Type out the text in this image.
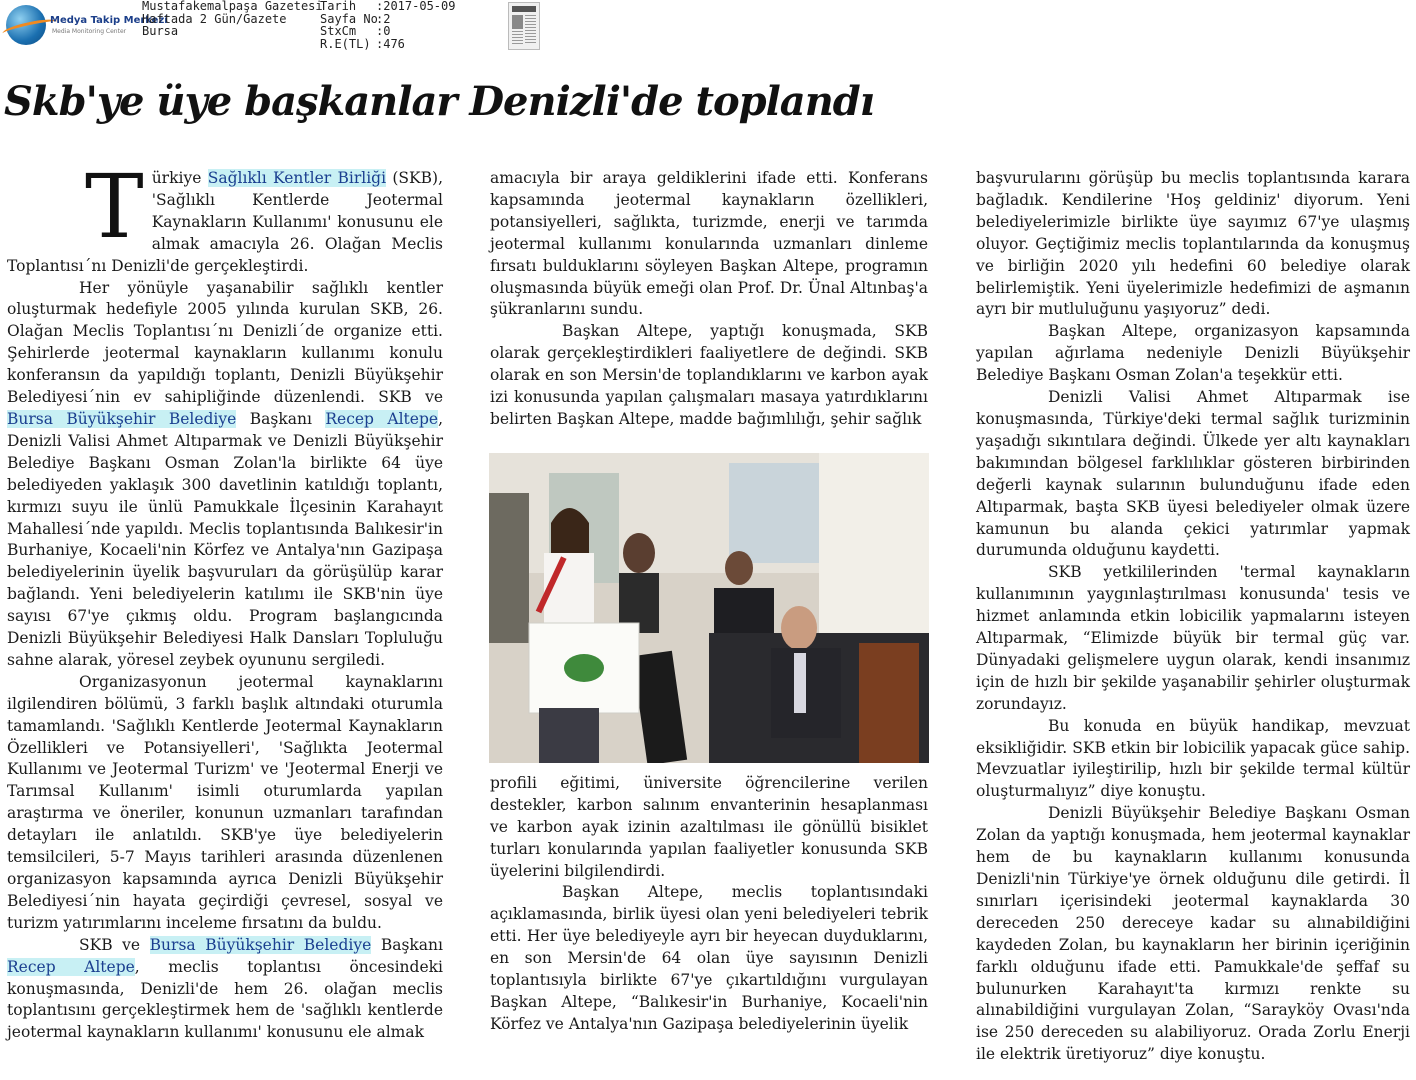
Medya Takip Merkezi
Media Monitoring Center
Mustafakemalpaşa Gazetesi
Haftada 2 Gün/Gazete
Bursa
Tarih :2017-05-09
Sayfa No:2
StxCm :0
R.E(TL) :476
Skb'ye üye başkanlar Denizli'de toplandı

Türkiye Sağlıklı Kentler Birliği (SKB), 'Sağlıklı Kentlerde Jeotermal Kaynakların Kullanımı' konusunu ele almak amacıyla 26. Olağan Meclis Toplantısı´nı Denizli'de gerçekleştirdi.

Her yönüyle yaşanabilir sağlıklı kentler oluşturmak hedefiyle 2005 yılında kurulan SKB, 26. Olağan Meclis Toplantısı´nı Denizli´de organize etti. Şehirlerde jeotermal kaynakların kullanımı konulu konferansın da yapıldığı toplantı, Denizli Büyükşehir Belediyesi´nin ev sahipliğinde düzenlendi. SKB ve Bursa Büyükşehir Belediye Başkanı Recep Altepe, Denizli Valisi Ahmet Altıparmak ve Denizli Büyükşehir Belediye Başkanı Osman Zolan'la birlikte 64 üye belediyeden yaklaşık 300 davetlinin katıldığı toplantı, kırmızı suyu ile ünlü Pamukkale İlçesinin Karahayıt Mahallesi´nde yapıldı. Meclis toplantısında Balıkesir'in Burhaniye, Kocaeli'nin Körfez ve Antalya'nın Gazipaşa belediyelerinin üyelik başvuruları da görüşülüp karar bağlandı. Yeni belediyelerin katılımı ile SKB'nin üye sayısı 67'ye çıkmış oldu. Program başlangıcında Denizli Büyükşehir Belediyesi Halk Dansları Topluluğu sahne alarak, yöresel zeybek oyununu sergiledi.

Organizasyonun jeotermal kaynaklarını ilgilendiren bölümü, 3 farklı başlık altındaki oturumla tamamlandı. 'Sağlıklı Kentlerde Jeotermal Kaynakların Özellikleri ve Potansiyelleri', 'Sağlıkta Jeotermal Kullanımı ve Jeotermal Turizm' ve 'Jeotermal Enerji ve Tarımsal Kullanım' isimli oturumlarda yapılan araştırma ve öneriler, konunun uzmanları tarafından detayları ile anlatıldı. SKB'ye üye belediyelerin temsilcileri, 5-7 Mayıs tarihleri arasında düzenlenen organizasyon kapsamında ayrıca Denizli Büyükşehir Belediyesi´nin hayata geçirdiği çevresel, sosyal ve turizm yatırımlarını inceleme fırsatını da buldu.

SKB ve Bursa Büyükşehir Belediye Başkanı Recep Altepe, meclis toplantısı öncesindeki konuşmasında, Denizli'de hem 26. olağan meclis toplantısını gerçekleştirmek hem de 'sağlıklı kentlerde jeotermal kaynakların kullanımı' konusunu ele almak

amacıyla bir araya geldiklerini ifade etti. Konferans kapsamında jeotermal kaynakların özellikleri, potansiyelleri, sağlıkta, turizmde, enerji ve tarımda jeotermal kullanımı konularında uzmanları dinleme fırsatı bulduklarını söyleyen Başkan Altepe, programın oluşmasında büyük emeği olan Prof. Dr. Ünal Altınbaş'a şükranlarını sundu.

Başkan Altepe, yaptığı konuşmada, SKB olarak gerçekleştirdikleri faaliyetlere de değindi. SKB olarak en son Mersin'de toplandıklarını ve karbon ayak izi konusunda yapılan çalışmaları masaya yatırdıklarını belirten Başkan Altepe, madde bağımlılığı, şehir sağlık

profili eğitimi, üniversite öğrencilerine verilen destekler, karbon salınım envanterinin hesaplanması ve karbon ayak izinin azaltılması ile gönüllü bisiklet turları konularında yapılan faaliyetler konusunda SKB üyelerini bilgilendirdi.

Başkan Altepe, meclis toplantısındaki açıklamasında, birlik üyesi olan yeni belediyeleri tebrik etti. Her üye belediyeyle ayrı bir heyecan duyduklarını, en son Mersin'de 64 olan üye sayısının Denizli toplantısıyla birlikte 67'ye çıkartıldığını vurgulayan Başkan Altepe, “Balıkesir'in Burhaniye, Kocaeli'nin Körfez ve Antalya'nın Gazipaşa belediyelerinin üyelik

başvurularını görüşüp bu meclis toplantısında karara bağladık. Kendilerine 'Hoş geldiniz' diyorum. Yeni belediyelerimizle birlikte üye sayımız 67'ye ulaşmış oluyor. Geçtiğimiz meclis toplantılarında da konuşmuş ve birliğin 2020 yılı hedefini 60 belediye olarak belirlemiştik. Yeni üyelerimizle hedefimizi de aşmanın ayrı bir mutluluğunu yaşıyoruz” dedi.

Başkan Altepe, organizasyon kapsamında yapılan ağırlama nedeniyle Denizli Büyükşehir Belediye Başkanı Osman Zolan'a teşekkür etti.

Denizli Valisi Ahmet Altıparmak ise konuşmasında, Türkiye'deki termal sağlık turizminin yaşadığı sıkıntılara değindi. Ülkede yer altı kaynakları bakımından bölgesel farklılıklar gösteren birbirinden değerli kaynak sularının bulunduğunu ifade eden Altıparmak, başta SKB üyesi belediyeler olmak üzere kamunun bu alanda çekici yatırımlar yapmak durumunda olduğunu kaydetti.

SKB yetkililerinden 'termal kaynakların kullanımının yaygınlaştırılması konusunda' tesis ve hizmet anlamında etkin lobicilik yapmalarını isteyen Altıparmak, “Elimizde büyük bir termal güç var. Dünyadaki gelişmelere uygun olarak, kendi insanımız için de hızlı bir şekilde yaşanabilir şehirler oluşturmak zorundayız.

Bu konuda en büyük handikap, mevzuat eksikliğidir. SKB etkin bir lobicilik yapacak güce sahip. Mevzuatlar iyileştirilip, hızlı bir şekilde termal kültür oluşturmalıyız” diye konuştu.

Denizli Büyükşehir Belediye Başkanı Osman Zolan da yaptığı konuşmada, hem jeotermal kaynaklar hem de bu kaynakların kullanımı konusunda Denizli'nin Türkiye'ye örnek olduğunu dile getirdi. İl sınırları içerisindeki jeotermal kaynaklarda 30 dereceden 250 dereceye kadar su alınabildiğini kaydeden Zolan, bu kaynakların her birinin içeriğinin farklı olduğunu ifade etti. Pamukkale'de şeffaf su bulunurken Karahayıt'ta kırmızı renkte su alınabildiğini vurgulayan Zolan, “Sarayköy Ovası'nda ise 250 dereceden su alabiliyoruz. Orada Zorlu Enerji ile elektrik üretiyoruz” diye konuştu.
